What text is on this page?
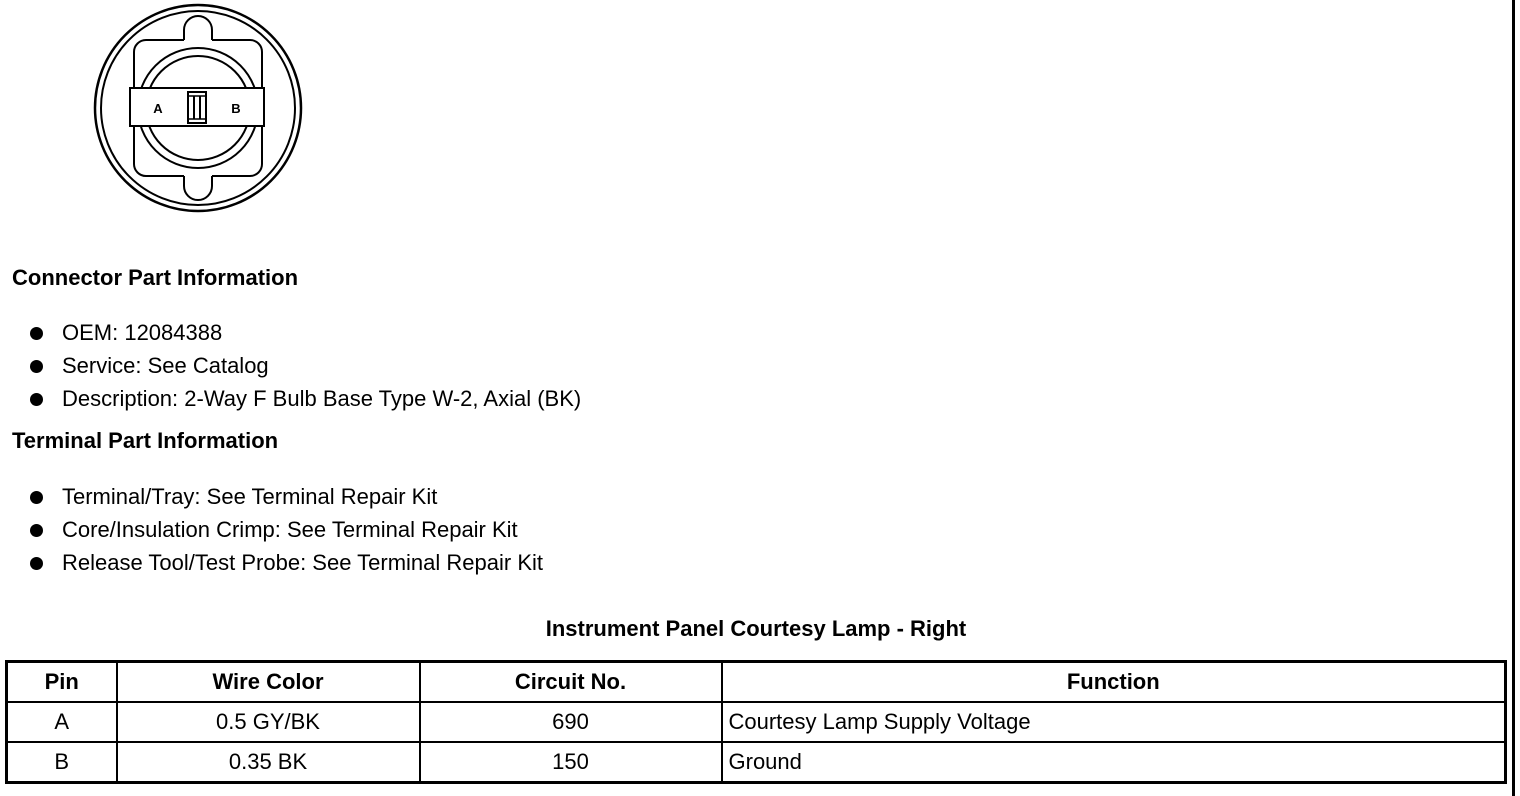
A	B
Connector Part Information
OEM: 12084388
Service: See Catalog
Description: 2-Way F Bulb Base Type W-2, Axial (BK)
Terminal Part Information
Terminal/Tray: See Terminal Repair Kit
Core/Insulation Crimp: See Terminal Repair Kit
Release Tool/Test Probe: See Terminal Repair Kit
Instrument Panel Courtesy Lamp - Right
Pin	Wire Color	Circuit No.	Function
A	0.5 GY/BK	690	Courtesy Lamp Supply Voltage
B	0.35 BK	150	Ground
